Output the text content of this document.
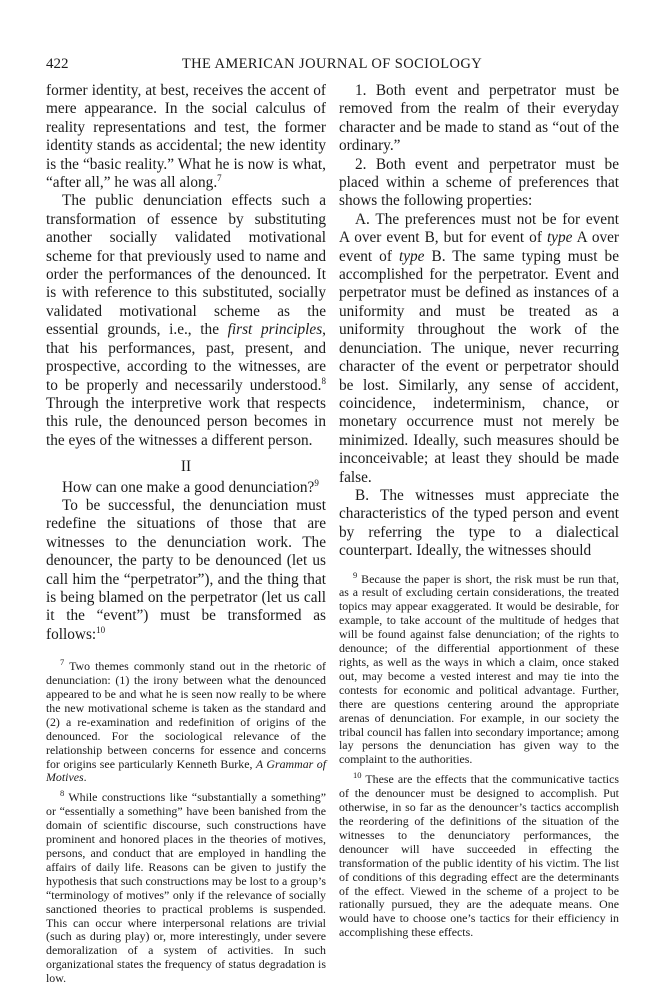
422	THE AMERICAN JOURNAL OF SOCIOLOGY

former identity, at best, receives the accent of mere appearance. In the social calculus of reality representations and test, the former identity stands as accidental; the new identity is the “basic reality.” What he is now is what, “after all,” he was all along.$^7$

The public denunciation effects such a transformation of essence by substituting another socially validated motivational scheme for that previously used to name and order the performances of the denounced. It is with reference to this substituted, socially validated motivational scheme as the essential grounds, i.e., the first principles, that his performances, past, present, and prospective, according to the witnesses, are to be properly and necessarily understood.$^8$ Through the interpretive work that respects this rule, the denounced person becomes in the eyes of the witnesses a different person.

II

How can one make a good denunciation?$^9$

To be successful, the denunciation must redefine the situations of those that are witnesses to the denunciation work. The denouncer, the party to be denounced (let us call him the “perpetrator”), and the thing that is being blamed on the perpetrator (let us call it the “event”) must be transformed as follows:$^{10}$

$^7$ Two themes commonly stand out in the rhetoric of denunciation: (1) the irony between what the denounced appeared to be and what he is seen now really to be where the new motivational scheme is taken as the standard and (2) a re-examination and redefinition of origins of the denounced. For the sociological relevance of the relationship between concerns for essence and concerns for origins see particularly Kenneth Burke, A Grammar of Motives.

$^8$ While constructions like “substantially a something” or “essentially a something” have been banished from the domain of scientific discourse, such constructions have prominent and honored places in the theories of motives, persons, and conduct that are employed in handling the affairs of daily life. Reasons can be given to justify the hypothesis that such constructions may be lost to a group’s “terminology of motives” only if the relevance of socially sanctioned theories to practical problems is suspended. This can occur where interpersonal relations are trivial (such as during play) or, more interestingly, under severe demoralization of a system of activities. In such organizational states the frequency of status degradation is low.

1. Both event and perpetrator must be removed from the realm of their everyday character and be made to stand as “out of the ordinary.”

2. Both event and perpetrator must be placed within a scheme of preferences that shows the following properties:

A. The preferences must not be for event A over event B, but for event of type A over event of type B. The same typing must be accomplished for the perpetrator. Event and perpetrator must be defined as instances of a uniformity and must be treated as a uniformity throughout the work of the denunciation. The unique, never recurring character of the event or perpetrator should be lost. Similarly, any sense of accident, coincidence, indeterminism, chance, or monetary occurrence must not merely be minimized. Ideally, such measures should be inconceivable; at least they should be made false.

B. The witnesses must appreciate the characteristics of the typed person and event by referring the type to a dialectical counterpart. Ideally, the witnesses should

$^9$ Because the paper is short, the risk must be run that, as a result of excluding certain considerations, the treated topics may appear exaggerated. It would be desirable, for example, to take account of the multitude of hedges that will be found against false denunciation; of the rights to denounce; of the differential apportionment of these rights, as well as the ways in which a claim, once staked out, may become a vested interest and may tie into the contests for economic and political advantage. Further, there are questions centering around the appropriate arenas of denunciation. For example, in our society the tribal council has fallen into secondary importance; among lay persons the denunciation has given way to the complaint to the authorities.

$^{10}$ These are the effects that the communicative tactics of the denouncer must be designed to accomplish. Put otherwise, in so far as the denouncer’s tactics accomplish the reordering of the definitions of the situation of the witnesses to the denunciatory performances, the denouncer will have succeeded in effecting the transformation of the public identity of his victim. The list of conditions of this degrading effect are the determinants of the effect. Viewed in the scheme of a project to be rationally pursued, they are the adequate means. One would have to choose one’s tactics for their efficiency in accomplishing these effects.
